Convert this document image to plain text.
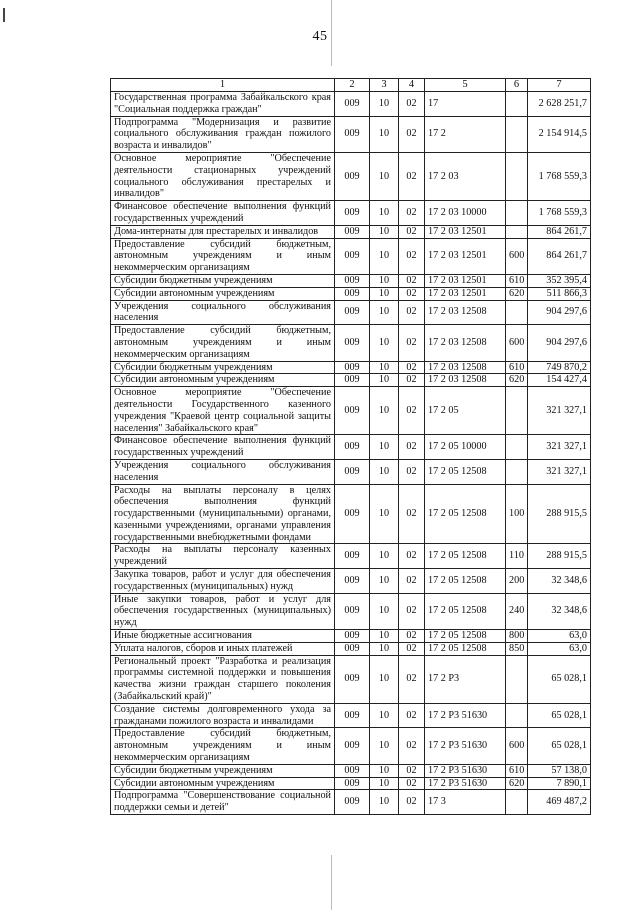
45
1	2	3	4	5	6	7
Государственная программа Забайкальского края "Социальная поддержка граждан"	009	10	02	17		2 628 251,7
Подпрограмма "Модернизация и развитие социального обслуживания граждан пожилого возраста и инвалидов"	009	10	02	17 2		2 154 914,5
Основное мероприятие "Обеспечение деятельности стационарных учреждений социального обслуживания престарелых и инвалидов"	009	10	02	17 2 03		1 768 559,3
Финансовое обеспечение выполнения функций государственных учреждений	009	10	02	17 2 03 10000		1 768 559,3
Дома-интернаты для престарелых и инвалидов	009	10	02	17 2 03 12501		864 261,7
Предоставление субсидий бюджетным, автономным учреждениям и иным некоммерческим организациям	009	10	02	17 2 03 12501	600	864 261,7
Субсидии бюджетным учреждениям	009	10	02	17 2 03 12501	610	352 395,4
Субсидии автономным учреждениям	009	10	02	17 2 03 12501	620	511 866,3
Учреждения социального обслуживания населения	009	10	02	17 2 03 12508		904 297,6
Предоставление субсидий бюджетным, автономным учреждениям и иным некоммерческим организациям	009	10	02	17 2 03 12508	600	904 297,6
Субсидии бюджетным учреждениям	009	10	02	17 2 03 12508	610	749 870,2
Субсидии автономным учреждениям	009	10	02	17 2 03 12508	620	154 427,4
Основное мероприятие "Обеспечение деятельности Государственного казенного учреждения "Краевой центр социальной защиты населения" Забайкальского края"	009	10	02	17 2 05		321 327,1
Финансовое обеспечение выполнения функций государственных учреждений	009	10	02	17 2 05 10000		321 327,1
Учреждения социального обслуживания населения	009	10	02	17 2 05 12508		321 327,1
Расходы на выплаты персоналу в целях обеспечения выполнения функций государственными (муниципальными) органами, казенными учреждениями, органами управления государственными внебюджетными фондами	009	10	02	17 2 05 12508	100	288 915,5
Расходы на выплаты персоналу казенных учреждений	009	10	02	17 2 05 12508	110	288 915,5
Закупка товаров, работ и услуг для обеспечения государственных (муниципальных) нужд	009	10	02	17 2 05 12508	200	32 348,6
Иные закупки товаров, работ и услуг для обеспечения государственных (муниципальных) нужд	009	10	02	17 2 05 12508	240	32 348,6
Иные бюджетные ассигнования	009	10	02	17 2 05 12508	800	63,0
Уплата налогов, сборов и иных платежей	009	10	02	17 2 05 12508	850	63,0
Региональный проект "Разработка и реализация программы системной поддержки и повышения качества жизни граждан старшего поколения (Забайкальский край)"	009	10	02	17 2 P3		65 028,1
Создание системы долговременного ухода за гражданами пожилого возраста и инвалидами	009	10	02	17 2 P3 51630		65 028,1
Предоставление субсидий бюджетным, автономным учреждениям и иным некоммерческим организациям	009	10	02	17 2 P3 51630	600	65 028,1
Субсидии бюджетным учреждениям	009	10	02	17 2 P3 51630	610	57 138,0
Субсидии автономным учреждениям	009	10	02	17 2 P3 51630	620	7 890,1
Подпрограмма "Совершенствование социальной поддержки семьи и детей"	009	10	02	17 3		469 487,2
